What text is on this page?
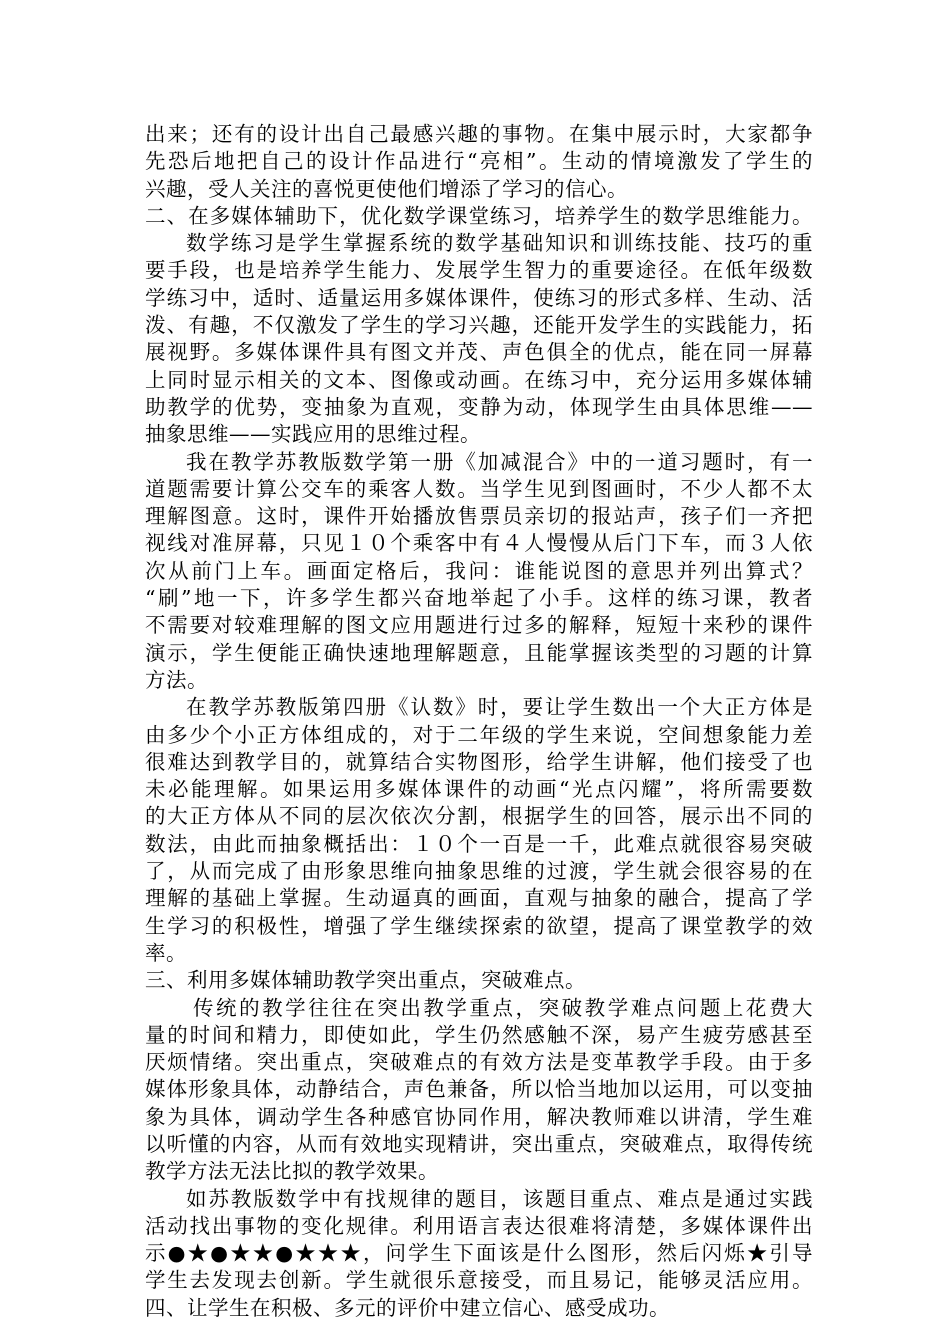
出来；还有的设计出自己最感兴趣的事物。在集中展示时，大家都争
先恐后地把自己的设计作品进行“亮相”。生动的情境激发了学生的
兴趣，受人关注的喜悦更使他们增添了学习的信心。
二、在多媒体辅助下，优化数学课堂练习，培养学生的数学思维能力。
数学练习是学生掌握系统的数学基础知识和训练技能、技巧的重
要手段，也是培养学生能力、发展学生智力的重要途径。在低年级数
学练习中，适时、适量运用多媒体课件，使练习的形式多样、生动、活
泼、有趣，不仅激发了学生的学习兴趣，还能开发学生的实践能力，拓
展视野。多媒体课件具有图文并茂、声色俱全的优点，能在同一屏幕
上同时显示相关的文本、图像或动画。在练习中，充分运用多媒体辅
助教学的优势，变抽象为直观，变静为动，体现学生由具体思维——
抽象思维——实践应用的思维过程。
我在教学苏教版数学第一册《加减混合》中的一道习题时，有一
道题需要计算公交车的乘客人数。当学生见到图画时，不少人都不太
理解图意。这时，课件开始播放售票员亲切的报站声，孩子们一齐把
视线对准屏幕，只见１０个乘客中有４人慢慢从后门下车，而３人依
次从前门上车。画面定格后，我问：谁能说图的意思并列出算式？
“刷”地一下，许多学生都兴奋地举起了小手。这样的练习课，教者
不需要对较难理解的图文应用题进行过多的解释，短短十来秒的课件
演示，学生便能正确快速地理解题意，且能掌握该类型的习题的计算
方法。
在教学苏教版第四册《认数》时，要让学生数出一个大正方体是
由多少个小正方体组成的，对于二年级的学生来说，空间想象能力差
很难达到教学目的，就算结合实物图形，给学生讲解，他们接受了也
未必能理解。如果运用多媒体课件的动画“光点闪耀”，将所需要数
的大正方体从不同的层次依次分割，根据学生的回答，展示出不同的
数法，由此而抽象概括出：１０个一百是一千，此难点就很容易突破
了，从而完成了由形象思维向抽象思维的过渡，学生就会很容易的在
理解的基础上掌握。生动逼真的画面，直观与抽象的融合，提高了学
生学习的积极性，增强了学生继续探索的欲望，提高了课堂教学的效
率。
三、利用多媒体辅助教学突出重点，突破难点。
传统的教学往往在突出教学重点，突破教学难点问题上花费大
量的时间和精力，即使如此，学生仍然感触不深，易产生疲劳感甚至
厌烦情绪。突出重点，突破难点的有效方法是变革教学手段。由于多
媒体形象具体，动静结合，声色兼备，所以恰当地加以运用，可以变抽
象为具体，调动学生各种感官协同作用，解决教师难以讲清，学生难
以听懂的内容，从而有效地实现精讲，突出重点，突破难点，取得传统
教学方法无法比拟的教学效果。
如苏教版数学中有找规律的题目，该题目重点、难点是通过实践
活动找出事物的变化规律。利用语言表达很难将清楚，多媒体课件出
示●★●★★●★★★，问学生下面该是什么图形，然后闪烁★引导
学生去发现去创新。学生就很乐意接受，而且易记，能够灵活应用。
四、让学生在积极、多元的评价中建立信心、感受成功。
